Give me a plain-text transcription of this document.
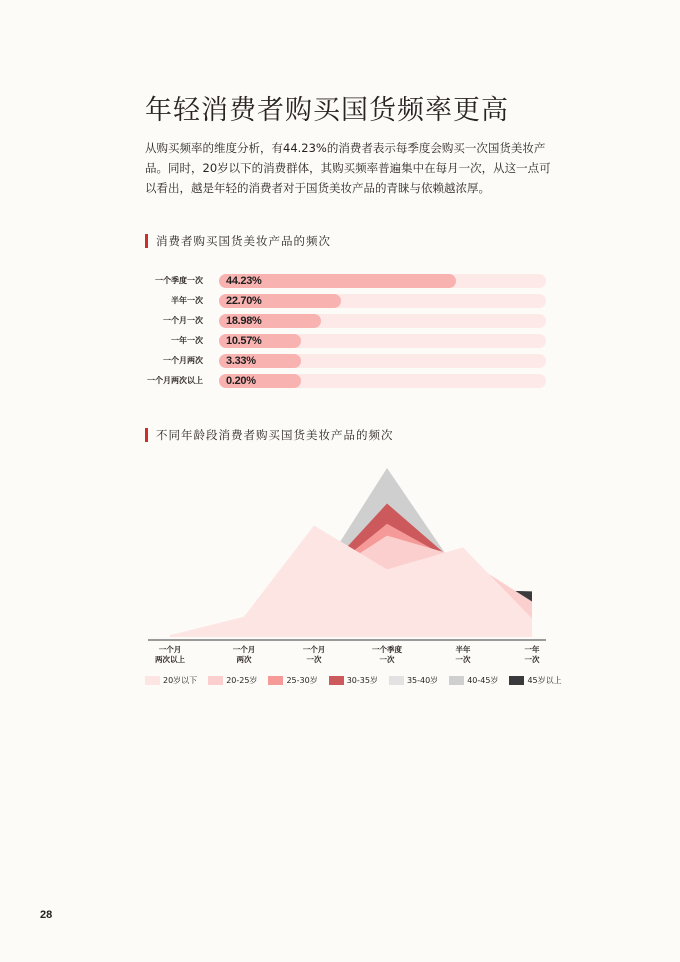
年轻消费者购买国货频率更高
从购买频率的维度分析，有44.23%的消费者表示每季度会购买一次国货美妆产品。同时，20岁以下的消费群体，其购买频率普遍集中在每月一次，从这一点可以看出，越是年轻的消费者对于国货美妆产品的青睐与依赖越浓厚。
消费者购买国货美妆产品的频次
一个季度一次 44.23%
半年一次 22.70%
一个月一次 18.98%
一年一次 10.57%
一个月两次 3.33%
一个月两次以上 0.20%
不同年龄段消费者购买国货美妆产品的频次
一个月
两次以上
一个月
两次
一个月
一次
一个季度
一次
半年
一次
一年
一次
20岁以下	20-25岁	25-30岁	30-35岁	35-40岁	40-45岁	45岁以上
28
